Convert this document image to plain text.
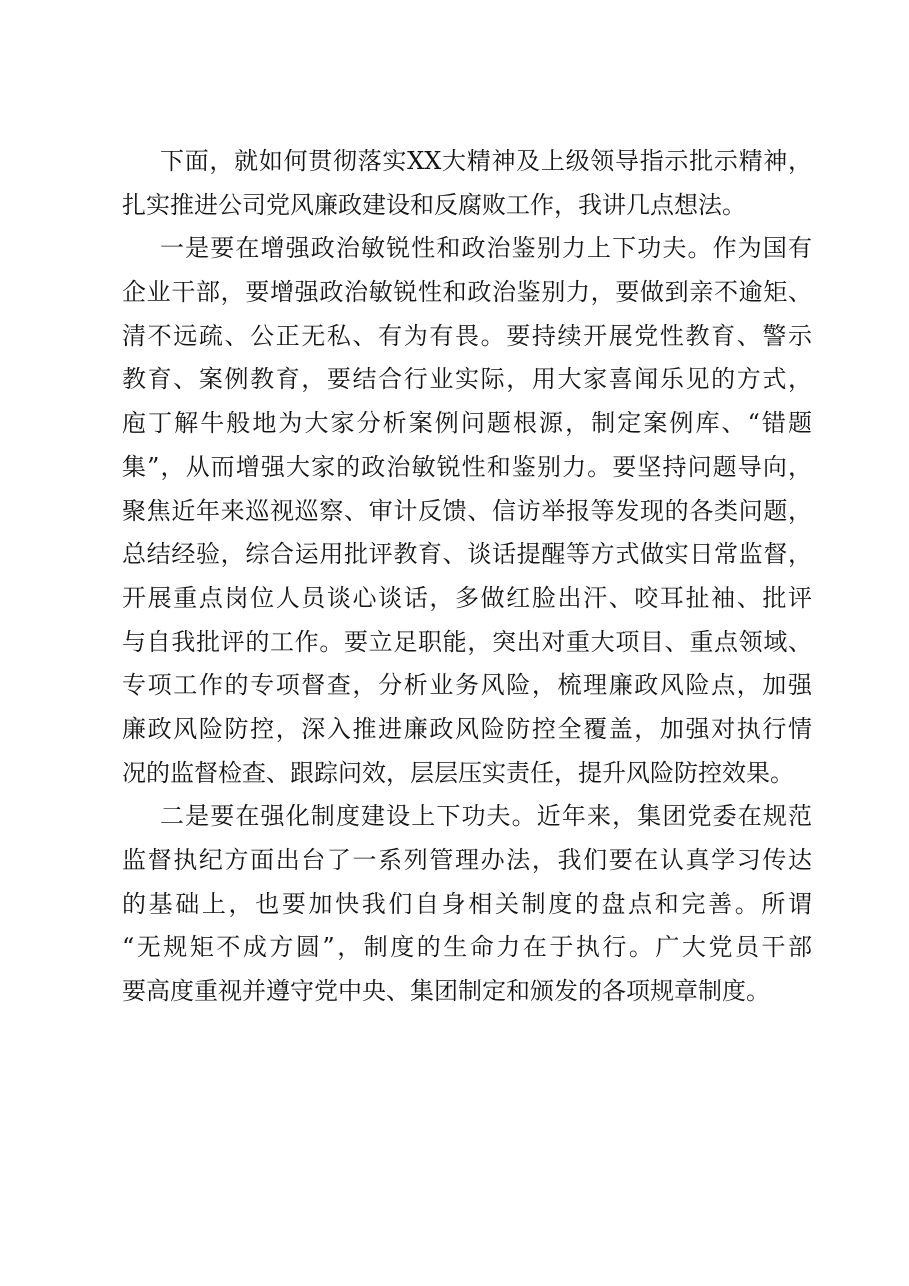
下面，就如何贯彻落实XX大精神及上级领导指示批示精神，
扎实推进公司党风廉政建设和反腐败工作，我讲几点想法。
一是要在增强政治敏锐性和政治鉴别力上下功夫。作为国有
企业干部，要增强政治敏锐性和政治鉴别力，要做到亲不逾矩、
清不远疏、公正无私、有为有畏。要持续开展党性教育、警示
教育、案例教育，要结合行业实际，用大家喜闻乐见的方式，
庖丁解牛般地为大家分析案例问题根源，制定案例库、“错题
集”，从而增强大家的政治敏锐性和鉴别力。要坚持问题导向，
聚焦近年来巡视巡察、审计反馈、信访举报等发现的各类问题，
总结经验，综合运用批评教育、谈话提醒等方式做实日常监督，
开展重点岗位人员谈心谈话，多做红脸出汗、咬耳扯袖、批评
与自我批评的工作。要立足职能，突出对重大项目、重点领域、
专项工作的专项督查，分析业务风险，梳理廉政风险点，加强
廉政风险防控，深入推进廉政风险防控全覆盖，加强对执行情
况的监督检查、跟踪问效，层层压实责任，提升风险防控效果。
二是要在强化制度建设上下功夫。近年来，集团党委在规范
监督执纪方面出台了一系列管理办法，我们要在认真学习传达
的基础上，也要加快我们自身相关制度的盘点和完善。所谓
“无规矩不成方圆”，制度的生命力在于执行。广大党员干部
要高度重视并遵守党中央、集团制定和颁发的各项规章制度。
